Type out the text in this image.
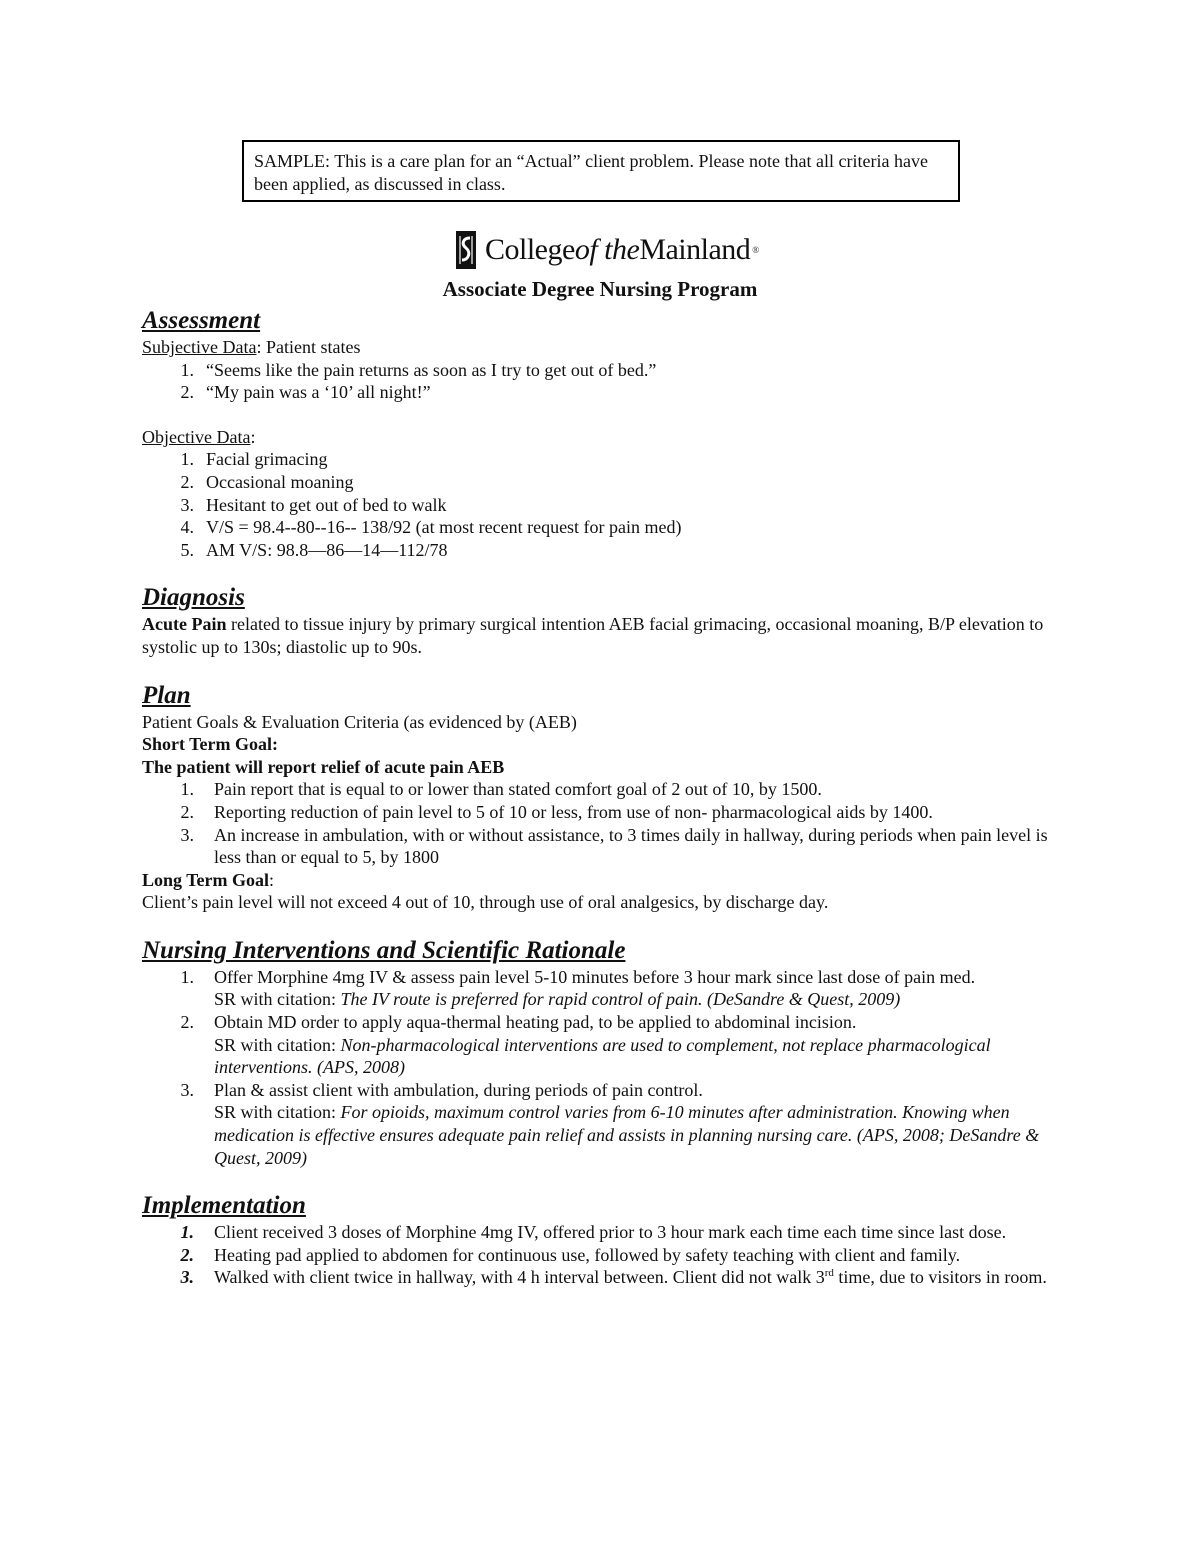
SAMPLE: This is a care plan for an “Actual” client problem. Please note that all criteria have been applied, as discussed in class.
Collegeof theMainland ®
Associate Degree Nursing Program
Assessment

Subjective Data: Patient states

1. “Seems like the pain returns as soon as I try to get out of bed.”
2. “My pain was a ‘10’ all night!”

Objective Data:

1. Facial grimacing
2. Occasional moaning
3. Hesitant to get out of bed to walk
4. V/S = 98.4--80--16-- 138/92 (at most recent request for pain med)
5. AM V/S: 98.8—86—14—112/78
Diagnosis

Acute Pain related to tissue injury by primary surgical intention AEB facial grimacing, occasional moaning, B/P elevation to systolic up to 130s; diastolic up to 90s.

Plan

Patient Goals & Evaluation Criteria (as evidenced by (AEB)

Short Term Goal:

The patient will report relief of acute pain AEB

1. Pain report that is equal to or lower than stated comfort goal of 2 out of 10, by 1500.
2. Reporting reduction of pain level to 5 of 10 or less, from use of non- pharmacological aids by 1400.
3. An increase in ambulation, with or without assistance, to 3 times daily in hallway, during periods when pain level is less than or equal to 5, by 1800

Long Term Goal:

Client’s pain level will not exceed 4 out of 10, through use of oral analgesics, by discharge day.

Nursing Interventions and Scientific Rationale
1. Offer Morphine 4mg IV & assess pain level 5-10 minutes before 3 hour mark since last dose of pain med.
SR with citation: The IV route is preferred for rapid control of pain. (DeSandre & Quest, 2009)
2. Obtain MD order to apply aqua-thermal heating pad, to be applied to abdominal incision.
SR with citation: Non-pharmacological interventions are used to complement, not replace pharmacological interventions. (APS, 2008)
3. Plan & assist client with ambulation, during periods of pain control.
SR with citation: For opioids, maximum control varies from 6-10 minutes after administration. Knowing when medication is effective ensures adequate pain relief and assists in planning nursing care. (APS, 2008; DeSandre & Quest, 2009)
Implementation
1. Client received 3 doses of Morphine 4mg IV, offered prior to 3 hour mark each time each time since last dose.
2. Heating pad applied to abdomen for continuous use, followed by safety teaching with client and family.
3. Walked with client twice in hallway, with 4 h interval between. Client did not walk 3rd time, due to visitors in room.
